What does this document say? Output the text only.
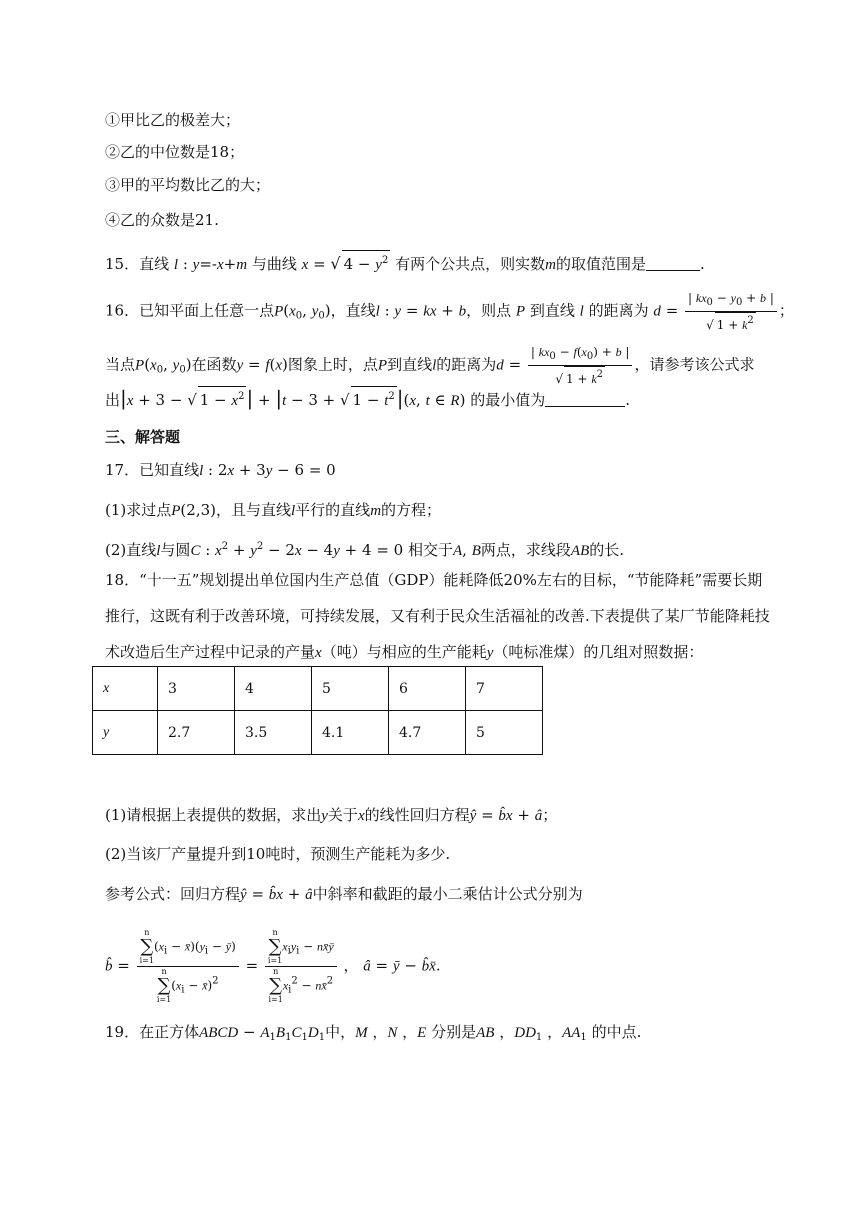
①甲比乙的极差大；
②乙的中位数是18；
③甲的平均数比乙的大；
④乙的众数是21.
15．直线 l : y=-x+m 与曲线 x = √ $4 - y^2$ 有两个公共点，则实数m的取值范围是	.
16．已知平面上任意一点$P(x_0$, $y_0$)，直线l : y = kx + b，则点 P 到直线 l 的距离为 $d = \frac{| kx_0 - y_0 + b |}{√ 1 + k^2}$ ；
当点$P(x_0$, $y_0$)在函数y = f(x)图象上时，点P到直线l的距离为$d = \frac{| kx_0 - f(x_0) + b |}{√ 1 + k^2}$ ，请参考该公式求
出|x + 3 − √ $1 - x^2$ | + |t − 3 + √ $1 - t^2$ |(x, t ∈ R) 的最小值为	.
三、解答题
17．已知直线l : 2x + 3y − 6 = 0
(1)求过点P(2,3)，且与直线l平行的直线m的方程；
(2)直线l与圆C : $x^2 + y^2 - 2x - 4y + 4 = 0$ 相交于A, B两点，求线段AB的长.
18．“十一五”规划提出单位国内生产总值（GDP）能耗降低20%左右的目标，“节能降耗”需要长期
推行，这既有利于改善环境，可持续发展，又有利于民众生活福祉的改善.下表提供了某厂节能降耗技
术改造后生产过程中记录的产量x（吨）与相应的生产能耗y（吨标准煤）的几组对照数据：
x	3	4	5	6	7
y	2.7	3.5	4.1	4.7	5
(1)请根据上表提供的数据，求出y关于x的线性回归方程ŷ = b̂x + â；
(2)当该厂产量提升到10吨时，预测生产能耗为多少.
参考公式：回归方程ŷ = b̂x + â中斜率和截距的最小二乘估计公式分别为
b̂ = n
∑
i=1
($x_i$ − $x̄)(y_i$ − ȳ)
n
∑
i=1
($x_i$ − x̄)$^2$ = n
∑
i=1
$x_iy_i$ − nx̄ȳ
n
∑
i=1
$x_i^2$ − nx̄$^2$ ， â = ȳ − b̂x̄.
19．在正方体ABCD − $A_1B_1C_1D_1$中，M ，N ，E 分别是AB ，$DD_1$ ，$AA_1$ 的中点.
